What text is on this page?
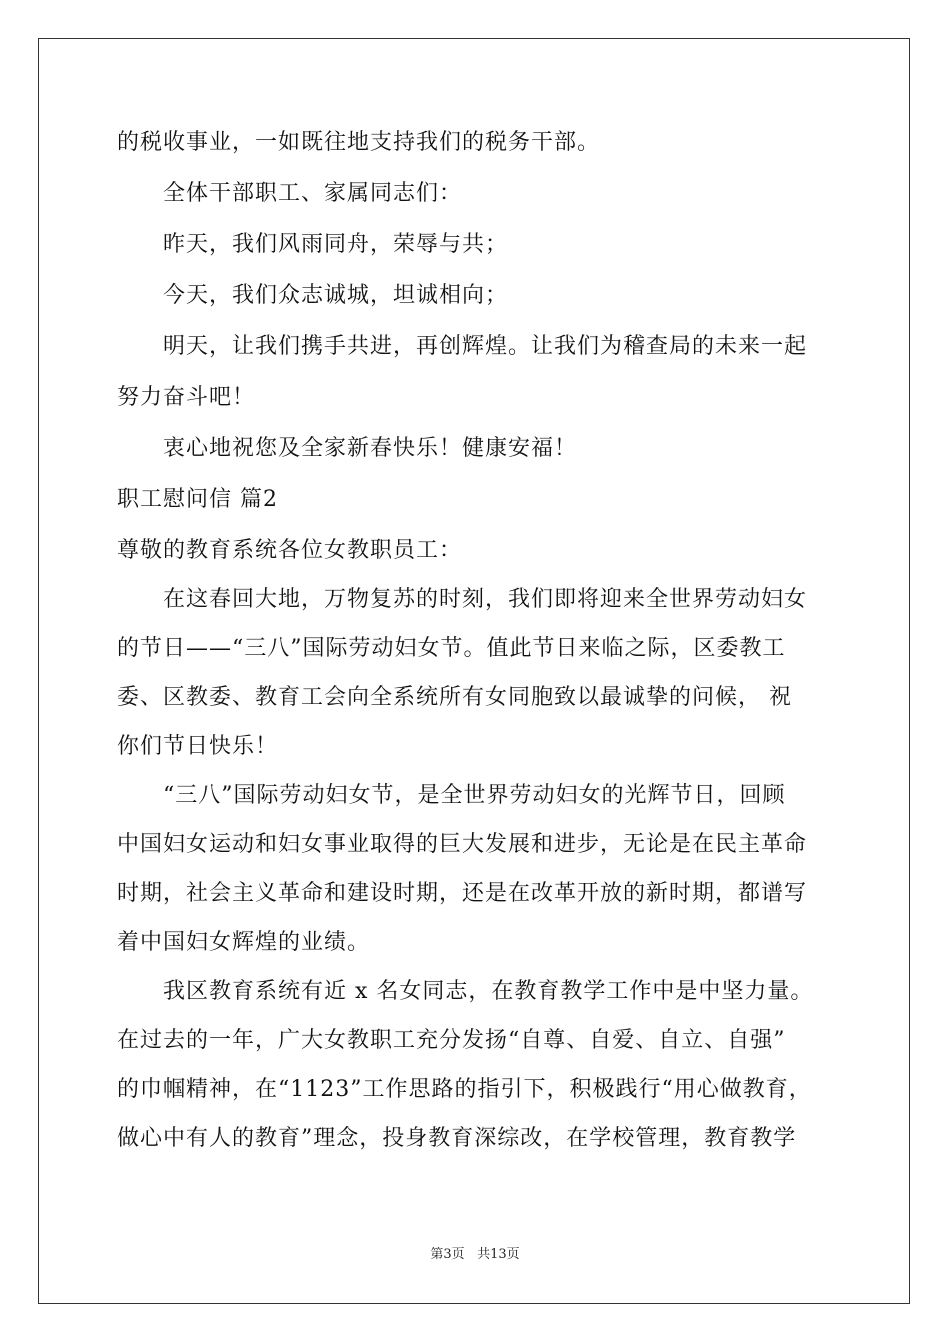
的税收事业，一如既往地支持我们的税务干部。
全体干部职工、家属同志们：
昨天，我们风雨同舟，荣辱与共；
今天，我们众志诚城，坦诚相向；
明天，让我们携手共进，再创辉煌。让我们为稽查局的未来一起
努力奋斗吧！
衷心地祝您及全家新春快乐！健康安福！
职工慰问信 篇2
尊敬的教育系统各位女教职员工：
在这春回大地，万物复苏的时刻，我们即将迎来全世界劳动妇女
的节日——“三八”国际劳动妇女节。值此节日来临之际，区委教工
委、区教委、教育工会向全系统所有女同胞致以最诚挚的问候， 祝
你们节日快乐！
“三八”国际劳动妇女节，是全世界劳动妇女的光辉节日，回顾
中国妇女运动和妇女事业取得的巨大发展和进步，无论是在民主革命
时期，社会主义革命和建设时期，还是在改革开放的新时期，都谱写
着中国妇女辉煌的业绩。
我区教育系统有近 x 名女同志，在教育教学工作中是中坚力量。
在过去的一年，广大女教职工充分发扬“自尊、自爱、自立、自强”
的巾帼精神，在“1123”工作思路的指引下，积极践行“用心做教育，
做心中有人的教育”理念，投身教育深综改，在学校管理，教育教学
第3页 共13页
